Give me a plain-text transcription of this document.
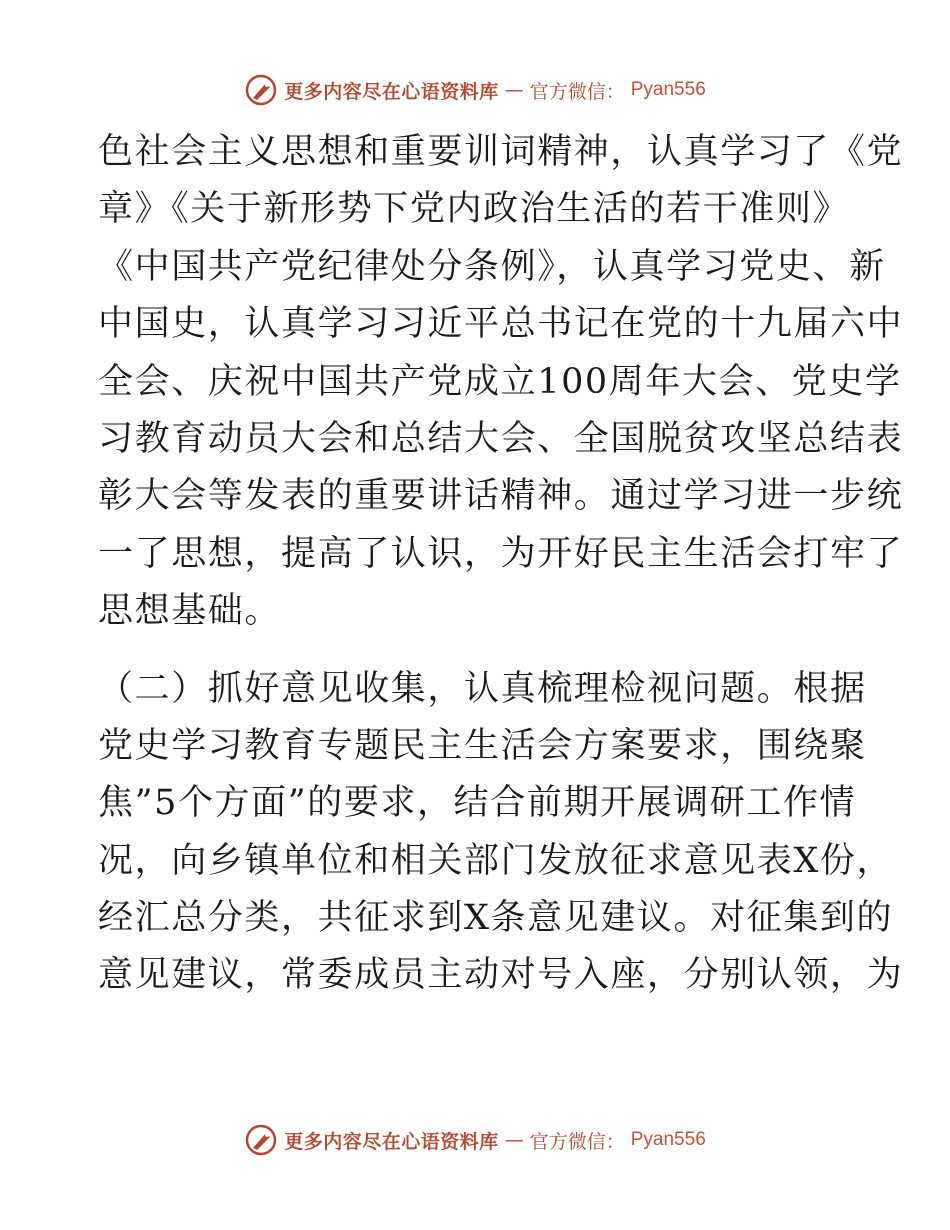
更多内容尽在心语资料库 — 官方微信： Pyan556
色社会主义思想和重要训词精神，认真学习了《党
章》《关于新形势下党内政治生活的若干准则》
《中国共产党纪律处分条例》，认真学习党史、新
中国史，认真学习习近平总书记在党的十九届六中
全会、庆祝中国共产党成立100周年大会、党史学
习教育动员大会和总结大会、全国脱贫攻坚总结表
彰大会等发表的重要讲话精神。通过学习进一步统
一了思想，提高了认识，为开好民主生活会打牢了
思想基础。
（二）抓好意见收集，认真梳理检视问题。根据
党史学习教育专题民主生活会方案要求，围绕聚
焦”5个方面”的要求，结合前期开展调研工作情
况，向乡镇单位和相关部门发放征求意见表X份，
经汇总分类，共征求到X条意见建议。对征集到的
意见建议，常委成员主动对号入座，分别认领，为
更多内容尽在心语资料库 — 官方微信： Pyan556
